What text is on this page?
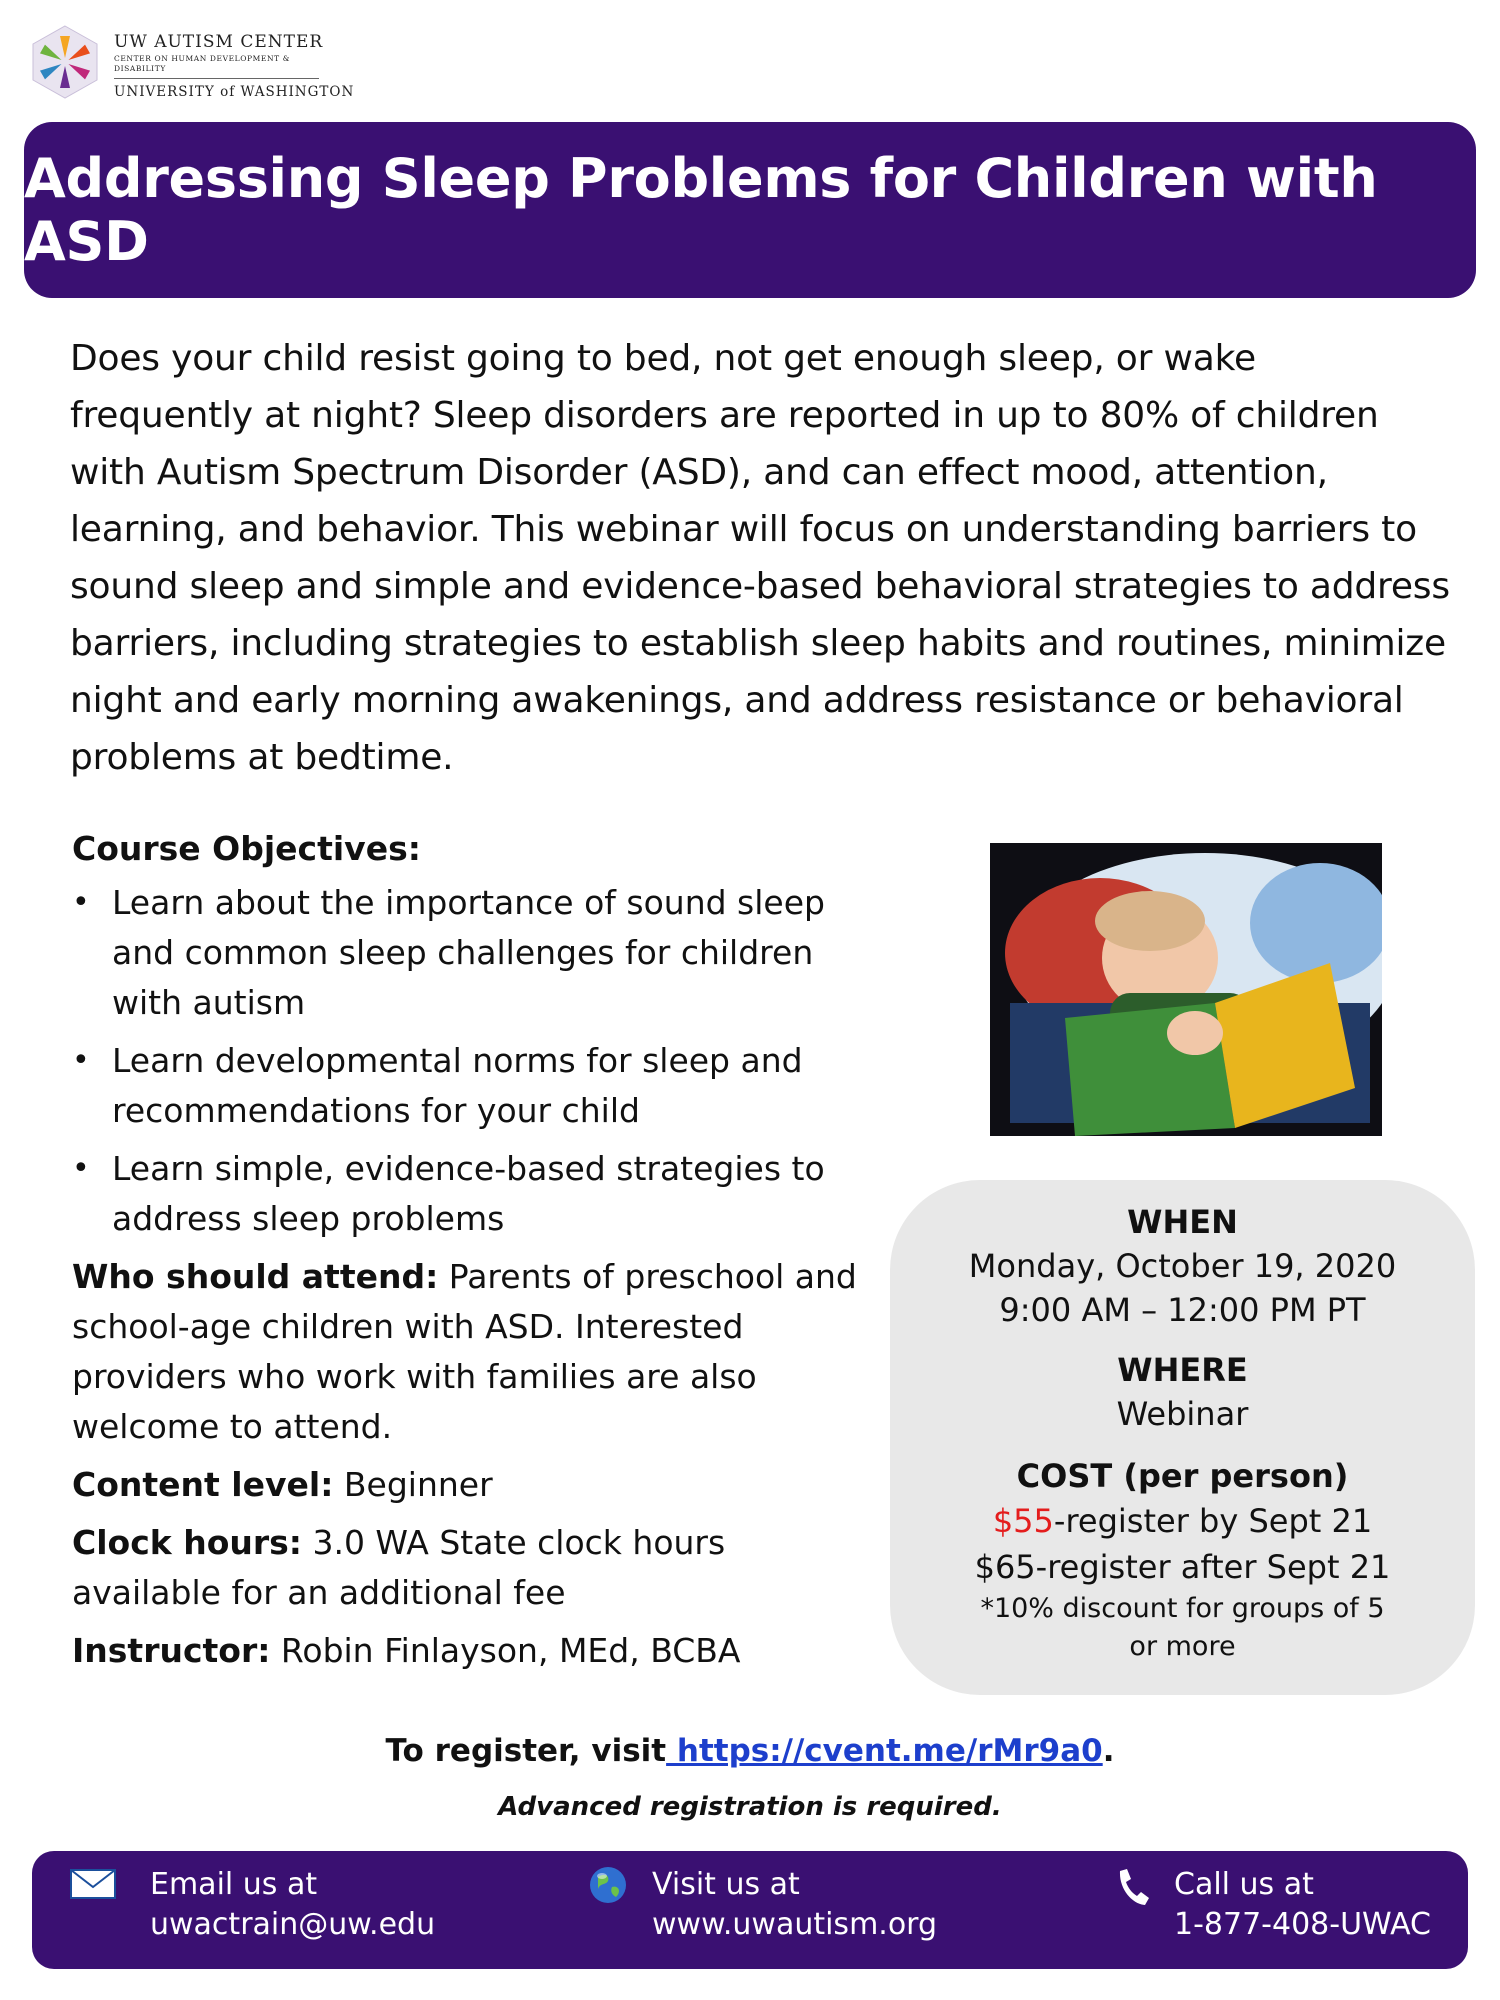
UW AUTISM CENTER
CENTER ON HUMAN DEVELOPMENT & DISABILITY
UNIVERSITY of WASHINGTON
Addressing Sleep Problems for Children with ASD

Does your child resist going to bed, not get enough sleep, or wake frequently at night? Sleep disorders are reported in up to 80% of children with Autism Spectrum Disorder (ASD), and can effect mood, attention, learning, and behavior. This webinar will focus on understanding barriers to sound sleep and simple and evidence-based behavioral strategies to address barriers, including strategies to establish sleep habits and routines, minimize night and early morning awakenings, and address resistance or behavioral problems at bedtime.

Course Objectives:

• Learn about the importance of sound sleep and common sleep challenges for children with autism
• Learn developmental norms for sleep and recommendations for your child
• Learn simple, evidence-based strategies to address sleep problems

Who should attend: Parents of preschool and school-age children with ASD. Interested providers who work with families are also welcome to attend.

Content level: Beginner

Clock hours: 3.0 WA State clock hours available for an additional fee

Instructor: Robin Finlayson, MEd, BCBA

WHEN
Monday, October 19, 2020
9:00 AM – 12:00 PM PT
WHERE
Webinar
COST (per person)
$55-register by Sept 21
$65-register after Sept 21
*10% discount for groups of 5 or more
To register, visit https://cvent.me/rMr9a0.
Advanced registration is required.
Email us at
uwactrain@uw.edu
Visit us at
www.uwautism.org
Call us at
1-877-408-UWAC
